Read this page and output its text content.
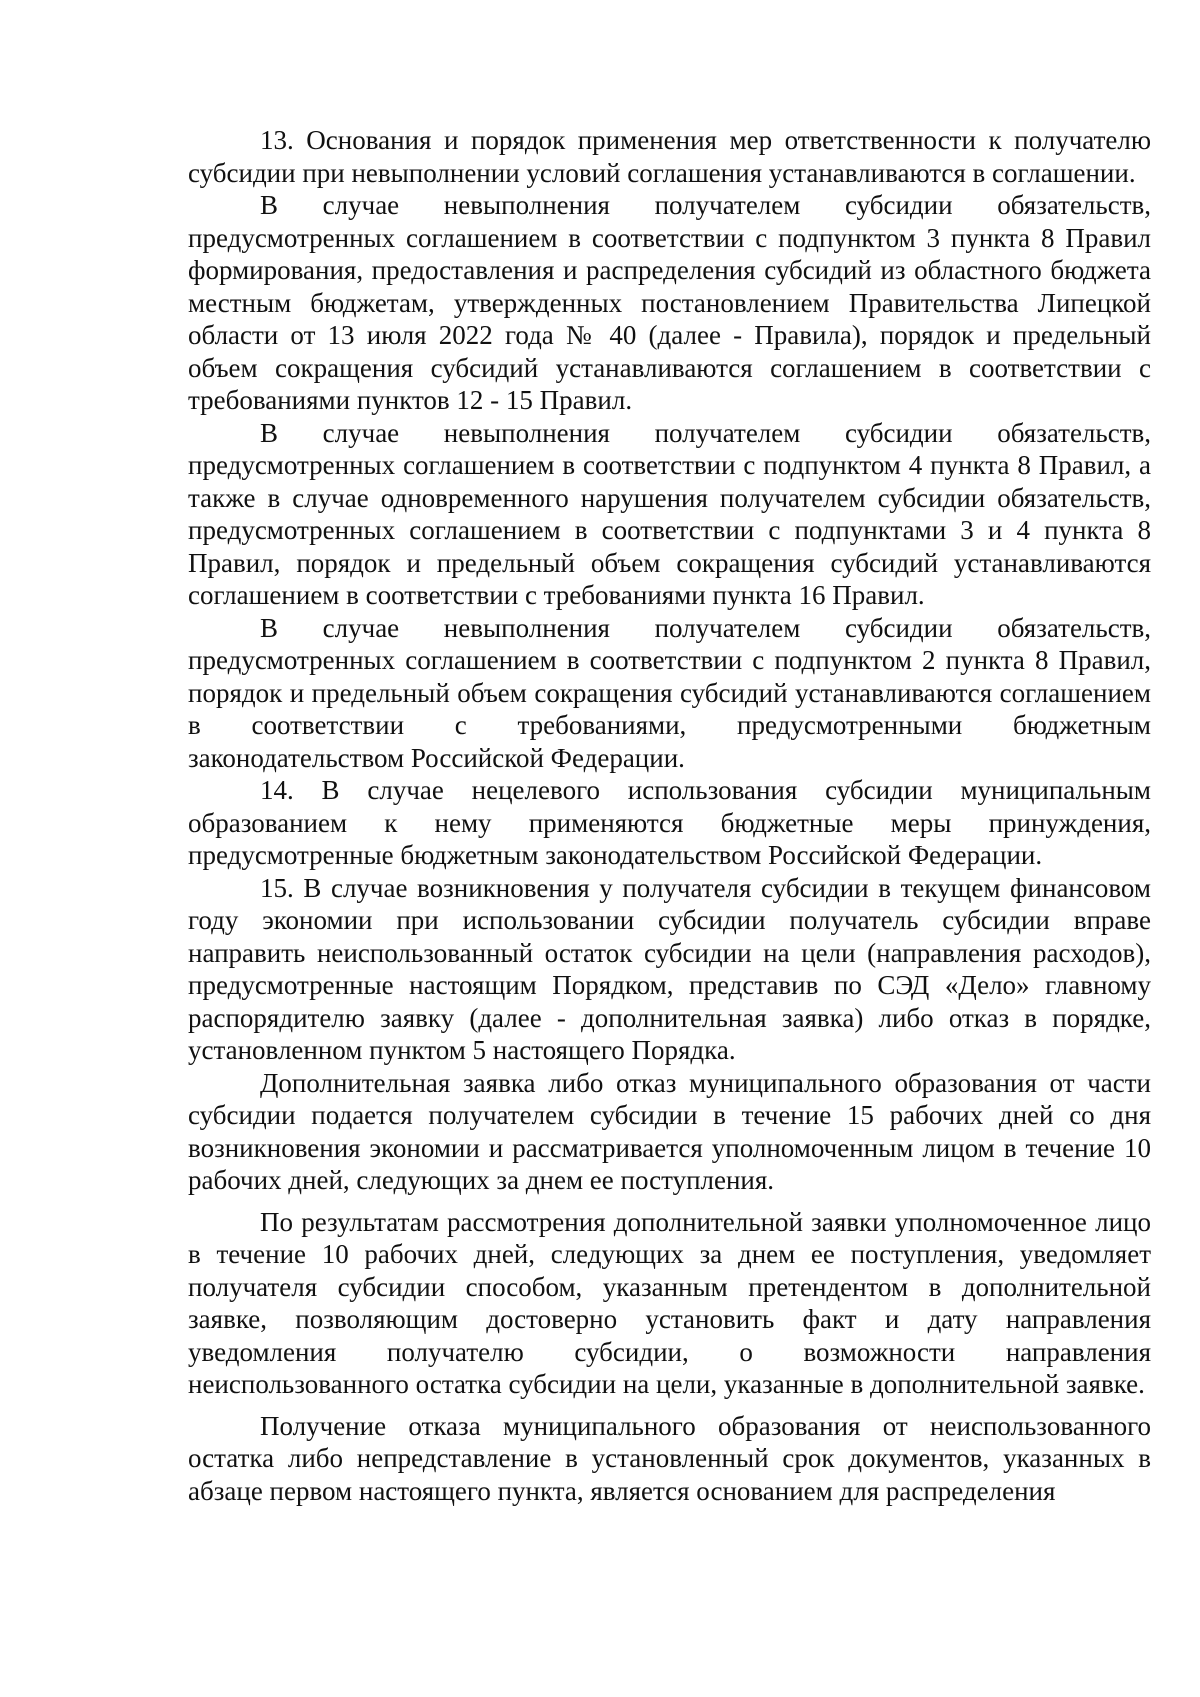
13. Основания и порядок применения мер ответственности к получателю субсидии при невыполнении условий соглашения устанавливаются в соглашении.

В случае невыполнения получателем субсидии обязательств, предусмотренных соглашением в соответствии с подпунктом 3 пункта 8 Правил формирования, предоставления и распределения субсидий из областного бюджета местным бюджетам, утвержденных постановлением Правительства Липецкой области от 13 июля 2022 года № 40 (далее - Правила), порядок и предельный объем сокращения субсидий устанавливаются соглашением в соответствии с требованиями пунктов 12 - 15 Правил.

В случае невыполнения получателем субсидии обязательств, предусмотренных соглашением в соответствии с подпунктом 4 пункта 8 Правил, а также в случае одновременного нарушения получателем субсидии обязательств, предусмотренных соглашением в соответствии с подпунктами 3 и 4 пункта 8 Правил, порядок и предельный объем сокращения субсидий устанавливаются соглашением в соответствии с требованиями пункта 16 Правил.

В случае невыполнения получателем субсидии обязательств, предусмотренных соглашением в соответствии с подпунктом 2 пункта 8 Правил, порядок и предельный объем сокращения субсидий устанавливаются соглашением в соответствии с требованиями, предусмотренными бюджетным законодательством Российской Федерации.

14. В случае нецелевого использования субсидии муниципальным образованием к нему применяются бюджетные меры принуждения, предусмотренные бюджетным законодательством Российской Федерации.

15. В случае возникновения у получателя субсидии в текущем финансовом году экономии при использовании субсидии получатель субсидии вправе направить неиспользованный остаток субсидии на цели (направления расходов), предусмотренные настоящим Порядком, представив по СЭД «Дело» главному распорядителю заявку (далее - дополнительная заявка) либо отказ в порядке, установленном пунктом 5 настоящего Порядка.

Дополнительная заявка либо отказ муниципального образования от части субсидии подается получателем субсидии в течение 15 рабочих дней со дня возникновения экономии и рассматривается уполномоченным лицом в течение 10 рабочих дней, следующих за днем ее поступления.

По результатам рассмотрения дополнительной заявки уполномоченное лицо в течение 10 рабочих дней, следующих за днем ее поступления, уведомляет получателя субсидии способом, указанным претендентом в дополнительной заявке, позволяющим достоверно установить факт и дату направления уведомления получателю субсидии, о возможности направления неиспользованного остатка субсидии на цели, указанные в дополнительной заявке.

Получение отказа муниципального образования от неиспользованного остатка либо непредставление в установленный срок документов, указанных в абзаце первом настоящего пункта, является основанием для распределения
